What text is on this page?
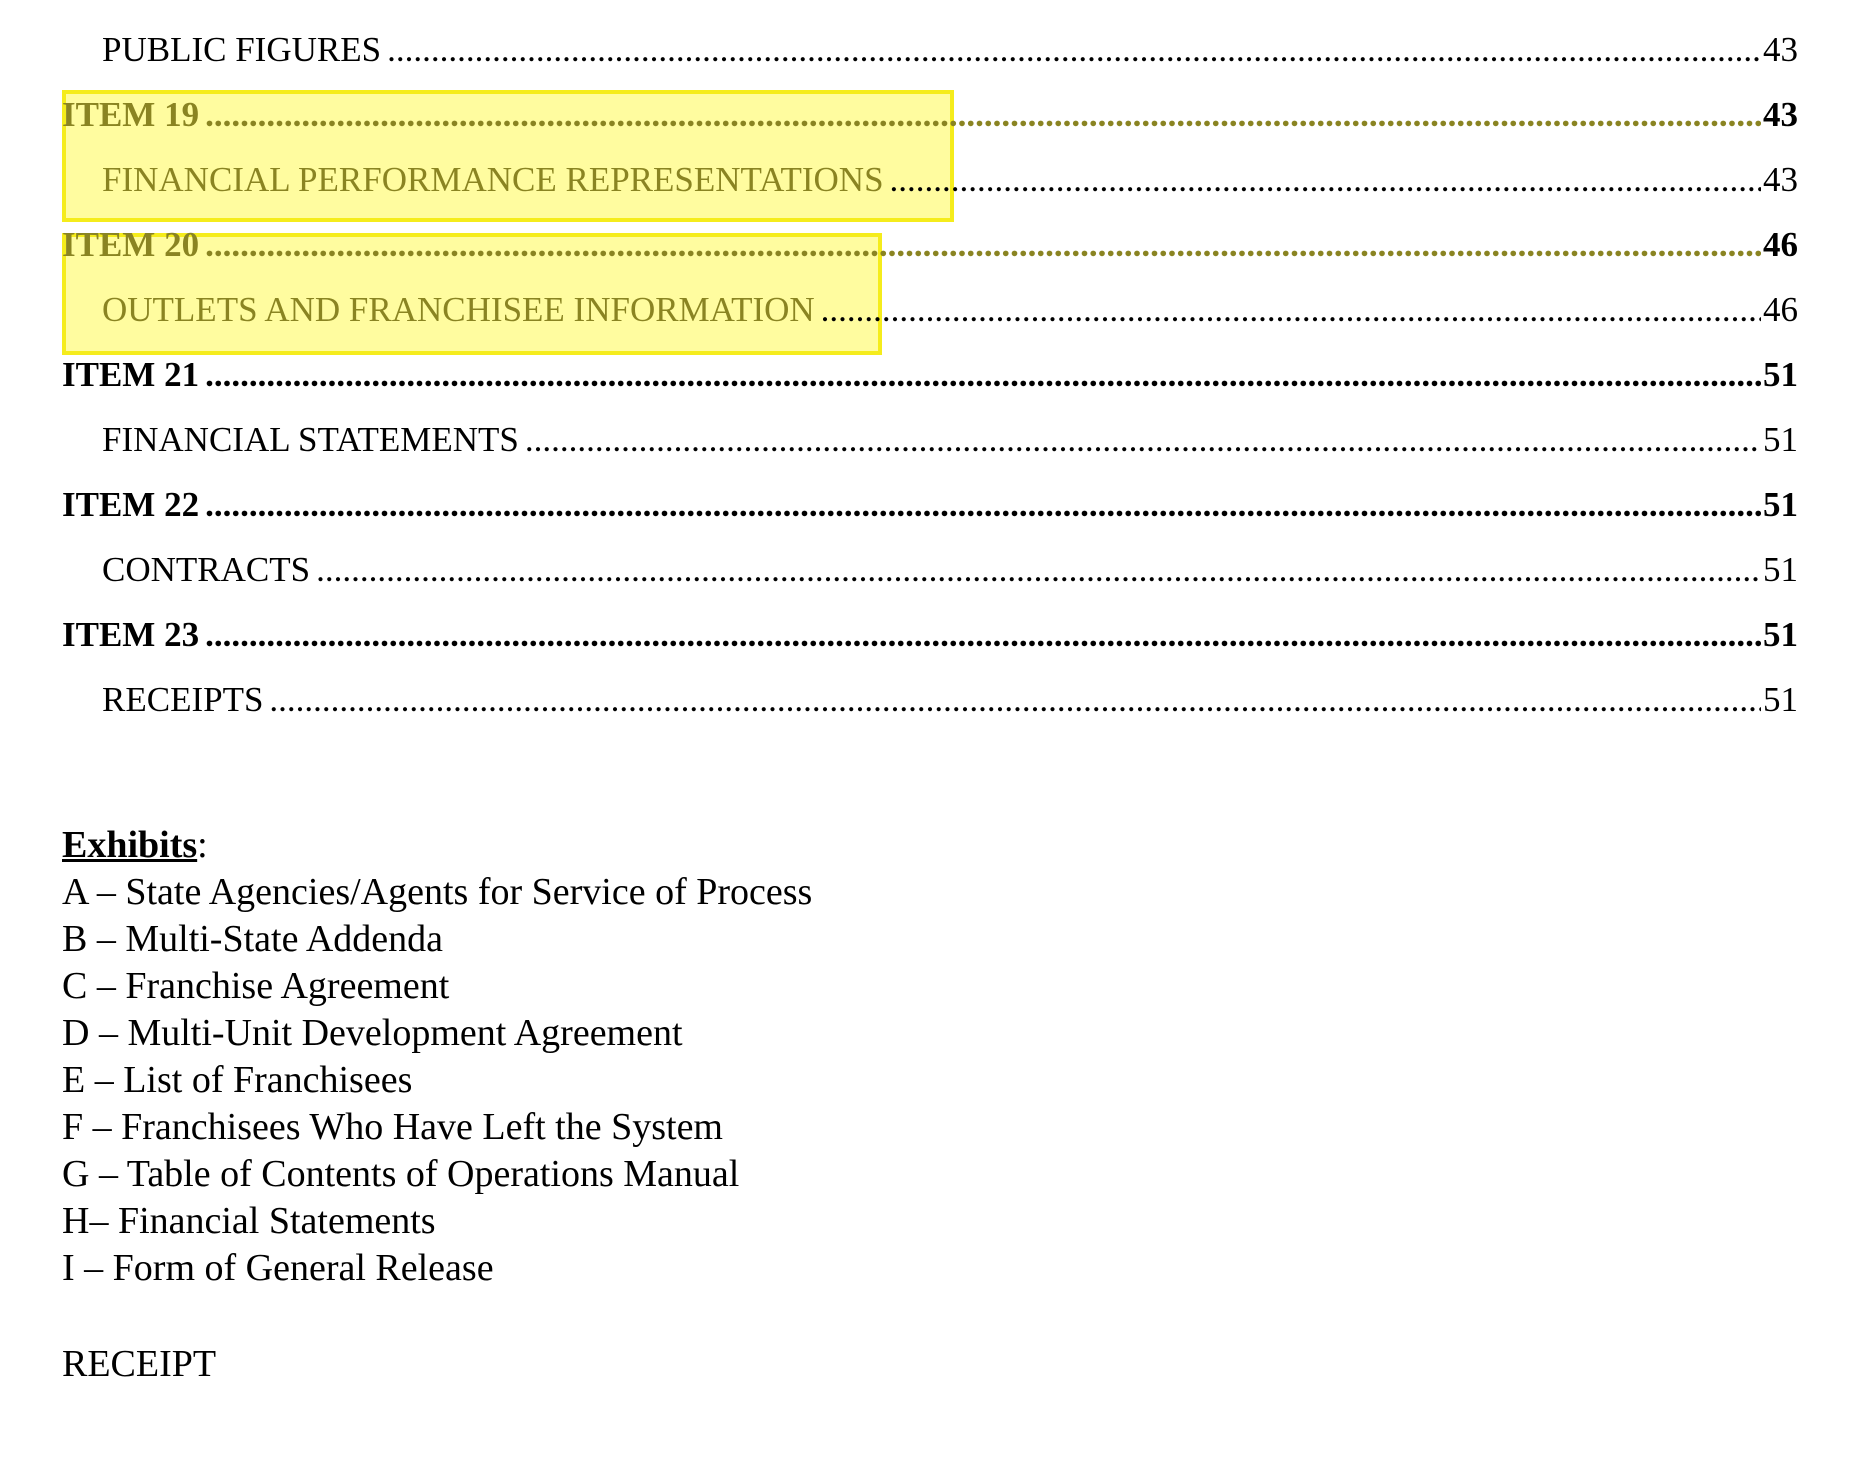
PUBLIC FIGURES .....	43
ITEM 19 .....	43
FINANCIAL PERFORMANCE REPRESENTATIONS .....	43
ITEM 20 .....	46
OUTLETS AND FRANCHISEE INFORMATION .....	46
ITEM 21 .....	51
FINANCIAL STATEMENTS .....	51
ITEM 22 .....	51
CONTRACTS .....	51
ITEM 23 .....	51
RECEIPTS .....	51
Exhibits:
A – State Agencies/Agents for Service of Process
B – Multi-State Addenda
C – Franchise Agreement
D – Multi-Unit Development Agreement
E – List of Franchisees
F – Franchisees Who Have Left the System
G – Table of Contents of Operations Manual
H– Financial Statements
I – Form of General Release
RECEIPT
